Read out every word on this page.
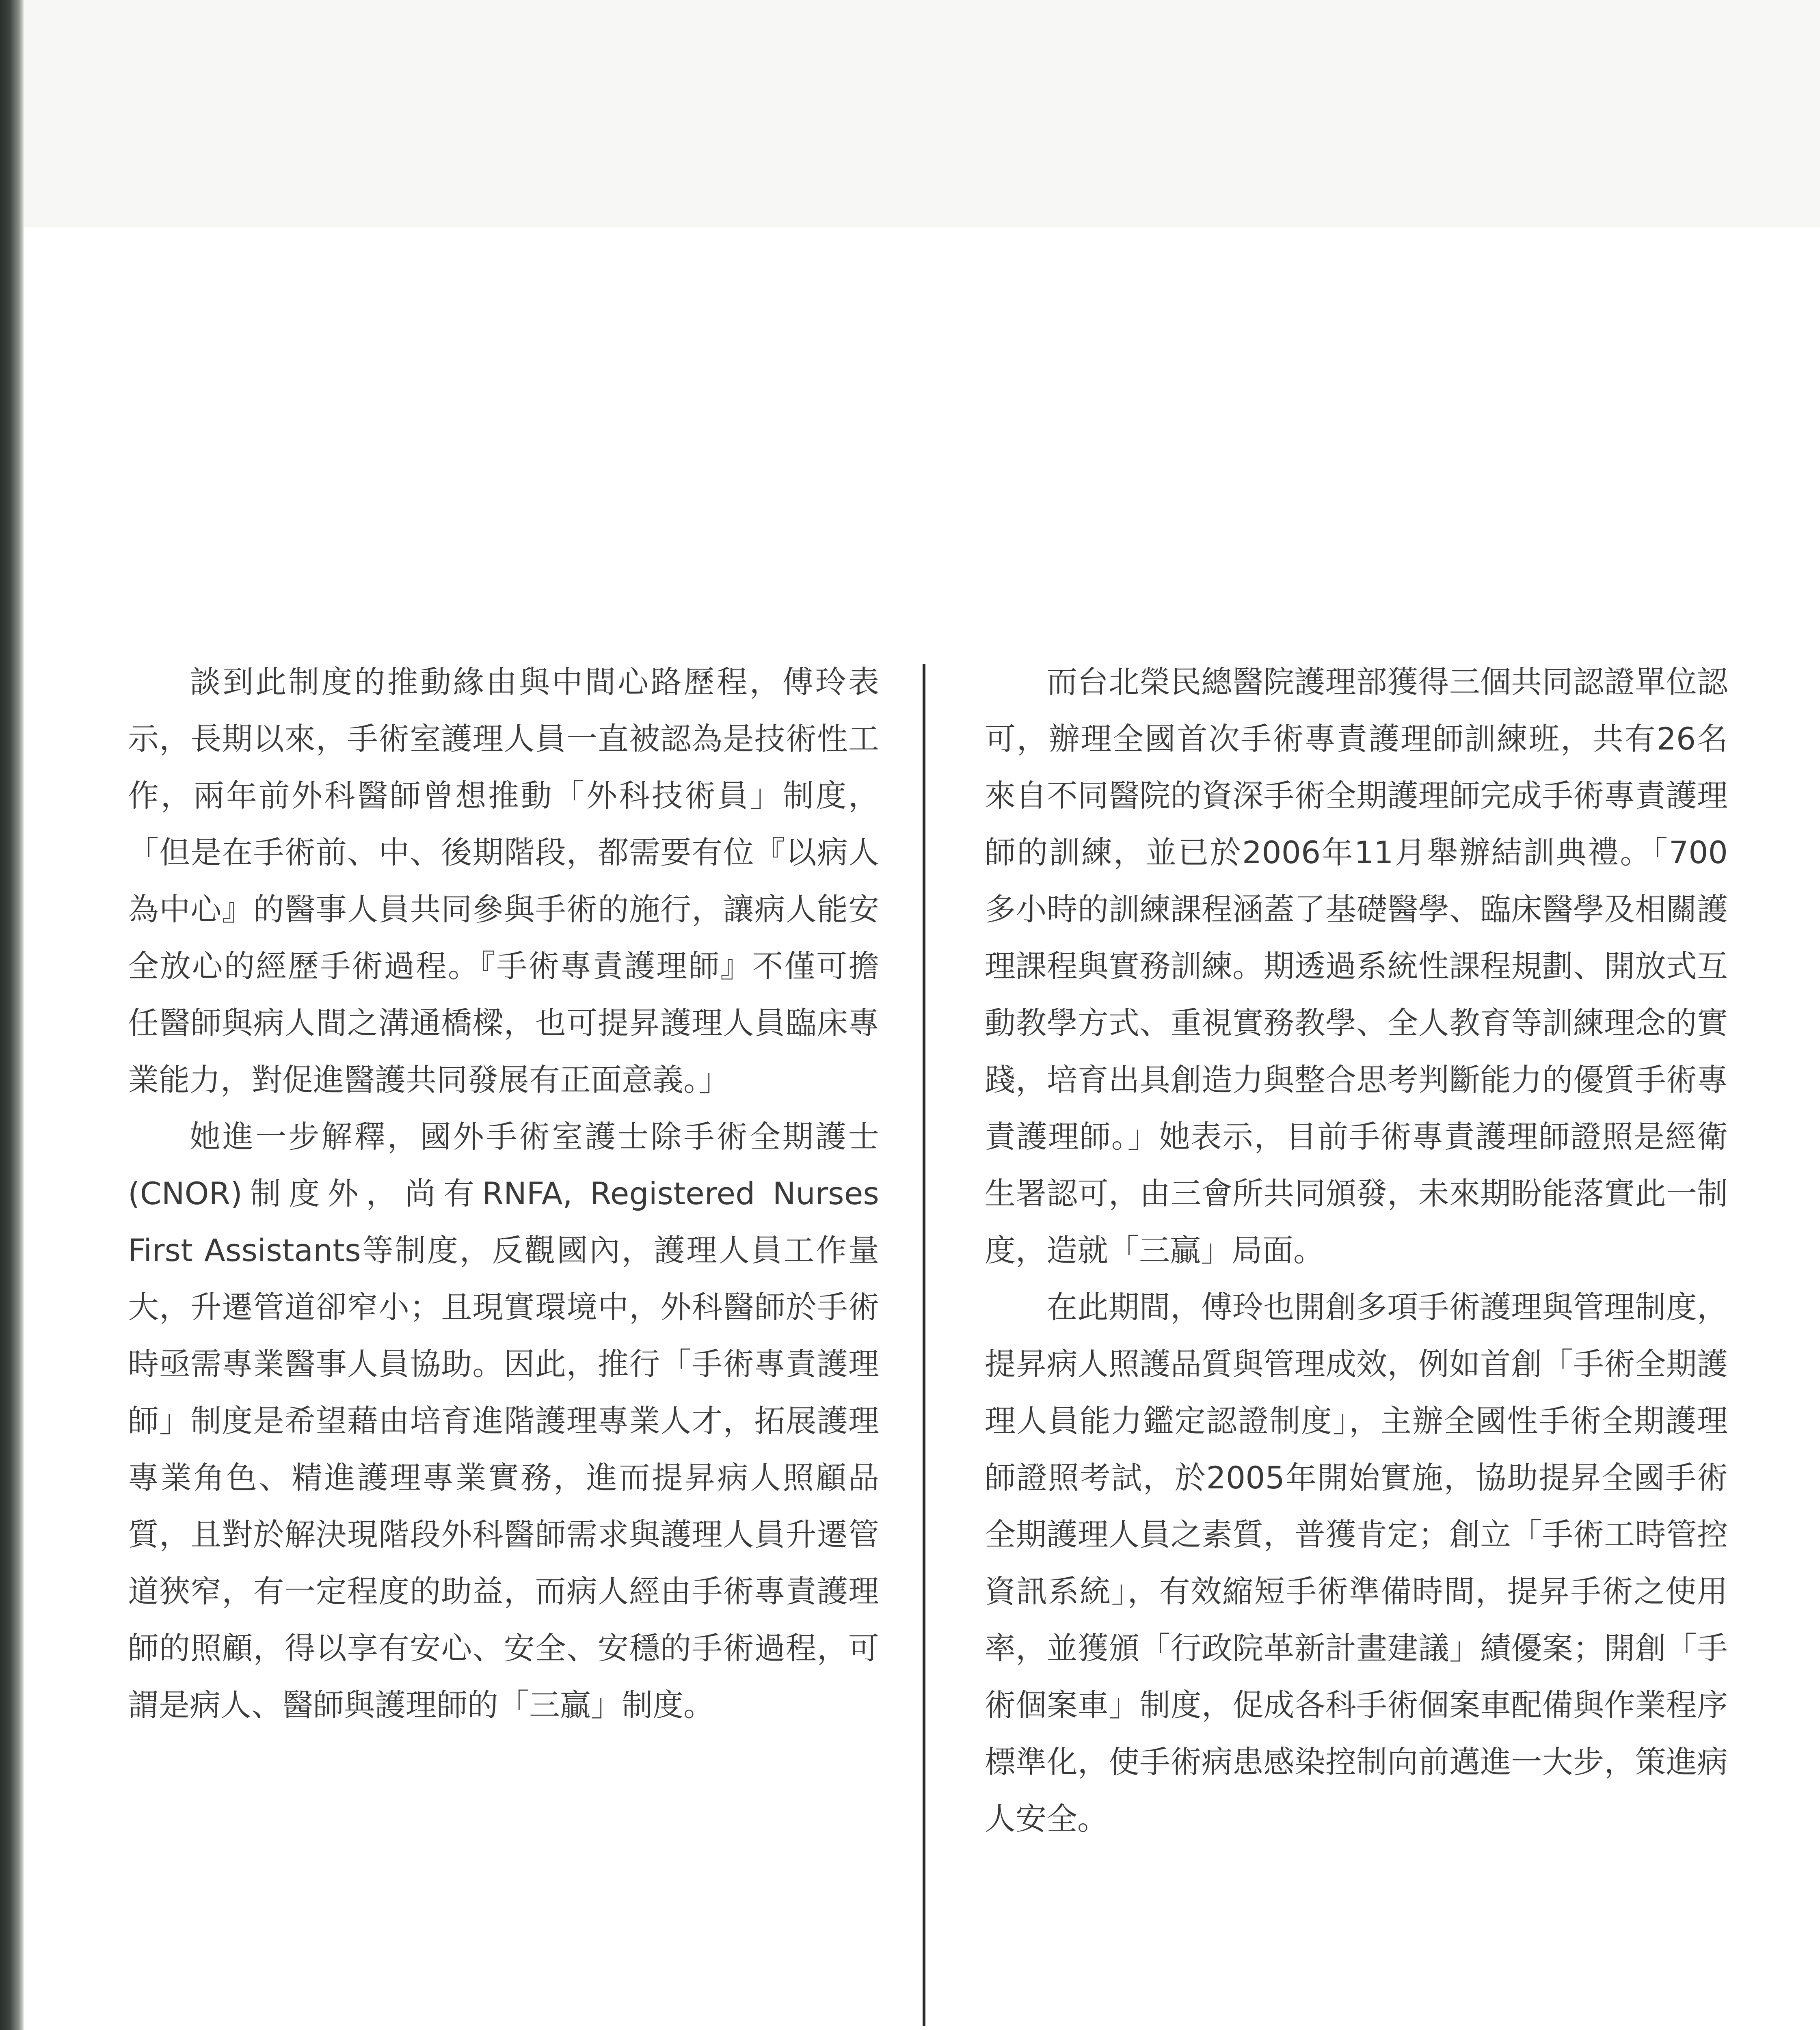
談到此制度的推動緣由與中間心路歷程，傅玲表示，長期以來，手術室護理人員一直被認為是技術性工作，兩年前外科醫師曾想推動「外科技術員」制度，「但是在手術前、中、後期階段，都需要有位『以病人為中心』的醫事人員共同參與手術的施行，讓病人能安全放心的經歷手術過程。『手術專責護理師』不僅可擔任醫師與病人間之溝通橋樑，也可提昇護理人員臨床專業能力，對促進醫護共同發展有正面意義。」

她進一步解釋，國外手術室護士除手術全期護士(CNOR)制度外，尚有RNFA, Registered Nurses First Assistants等制度，反觀國內，護理人員工作量大，升遷管道卻窄小；且現實環境中，外科醫師於手術時亟需專業醫事人員協助。因此，推行「手術專責護理師」制度是希望藉由培育進階護理專業人才，拓展護理專業角色、精進護理專業實務，進而提昇病人照顧品質，且對於解決現階段外科醫師需求與護理人員升遷管道狹窄，有一定程度的助益，而病人經由手術專責護理師的照顧，得以享有安心、安全、安穩的手術過程，可謂是病人、醫師與護理師的「三贏」制度。

而台北榮民總醫院護理部獲得三個共同認證單位認可，辦理全國首次手術專責護理師訓練班，共有26名來自不同醫院的資深手術全期護理師完成手術專責護理師的訓練，並已於2006年11月舉辦結訓典禮。「700多小時的訓練課程涵蓋了基礎醫學、臨床醫學及相關護理課程與實務訓練。期透過系統性課程規劃、開放式互動教學方式、重視實務教學、全人教育等訓練理念的實踐，培育出具創造力與整合思考判斷能力的優質手術專責護理師。」她表示，目前手術專責護理師證照是經衛生署認可，由三會所共同頒發，未來期盼能落實此一制度，造就「三贏」局面。

在此期間，傅玲也開創多項手術護理與管理制度，提昇病人照護品質與管理成效，例如首創「手術全期護理人員能力鑑定認證制度」，主辦全國性手術全期護理師證照考試，於2005年開始實施，協助提昇全國手術全期護理人員之素質，普獲肯定；創立「手術工時管控資訊系統」，有效縮短手術準備時間，提昇手術之使用率，並獲頒「行政院革新計畫建議」績優案；開創「手術個案車」制度，促成各科手術個案車配備與作業程序標準化，使手術病患感染控制向前邁進一大步，策進病人安全。
